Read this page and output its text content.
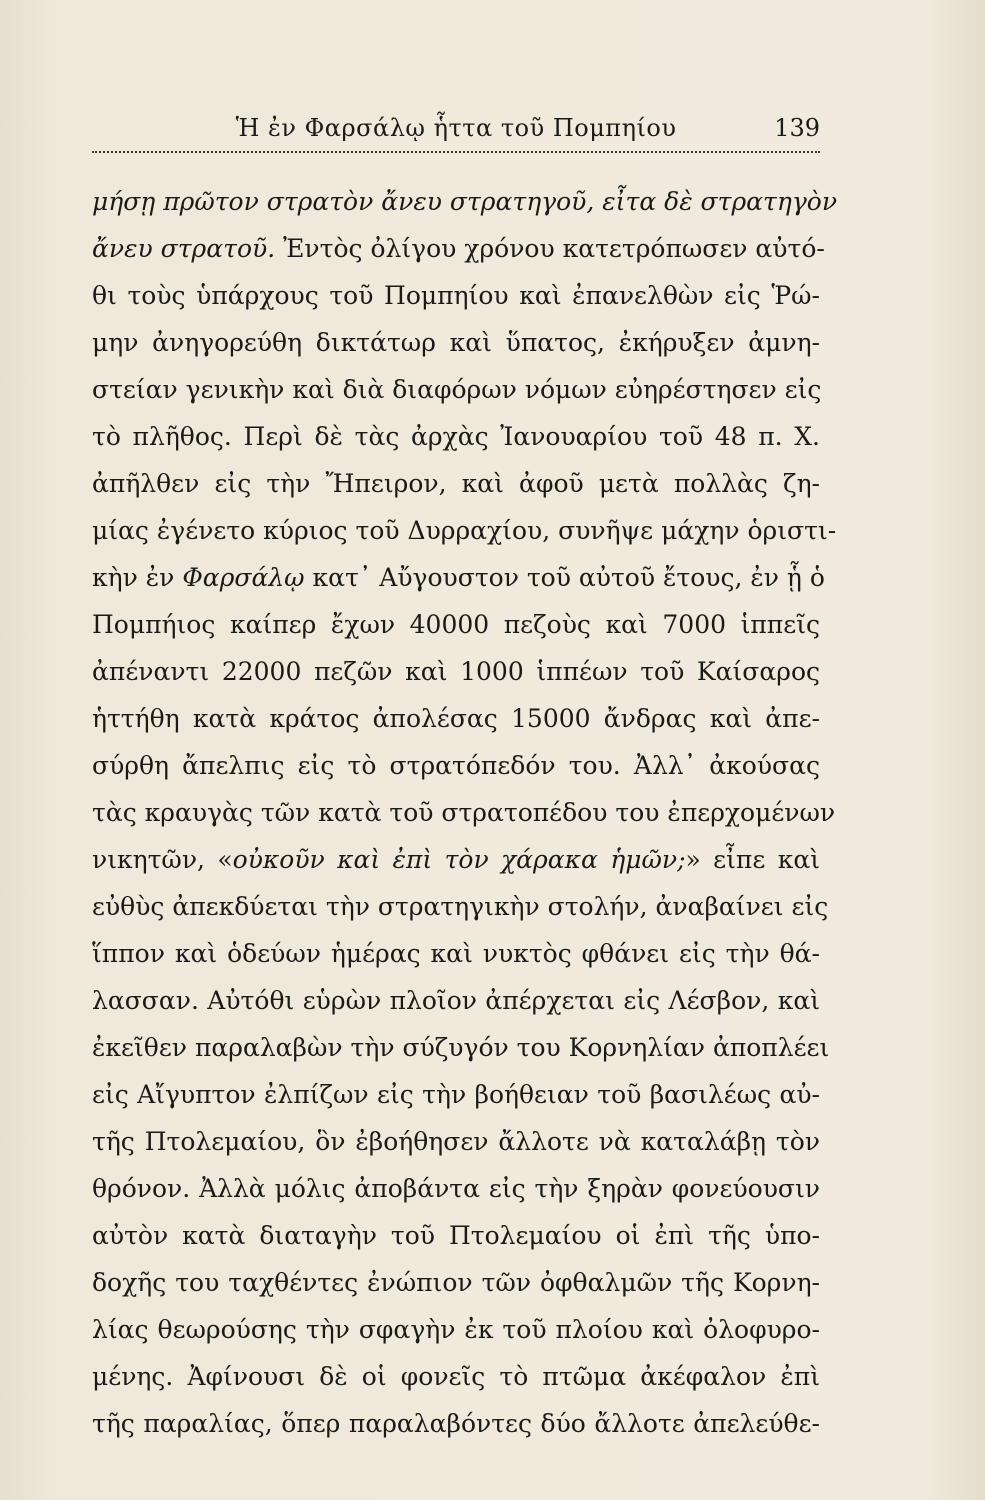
Ἡ ἐν Φαρσάλῳ ἧττα τοῦ Πομπηίου	139
μήσῃ πρῶτον στρατὸν ἄνευ στρατηγοῦ, εἶτα δὲ στρατηγὸν
ἄνευ στρατοῦ. Ἐντὸς ὀλίγου χρόνου κατετρόπωσεν αὐτό-
θι τοὺς ὑπάρχους τοῦ Πομπηίου καὶ ἐπανελθὼν εἰς Ῥώ-
μην ἀνηγορεύθη δικτάτωρ καὶ ὕπατος, ἐκήρυξεν ἀμνη-
στείαν γενικὴν καὶ διὰ διαφόρων νόμων εὐηρέστησεν εἰς
τὸ πλῆθος. Περὶ δὲ τὰς ἀρχὰς Ἰανουαρίου τοῦ 48 π. Χ.
ἀπῆλθεν εἰς τὴν Ἤπειρον, καὶ ἀφοῦ μετὰ πολλὰς ζη-
μίας ἐγένετο κύριος τοῦ Δυρραχίου, συνῆψε μάχην ὁριστι-
κὴν ἐν Φαρσάλῳ κατ᾽ Αὔγουστον τοῦ αὐτοῦ ἔτους, ἐν ᾗ ὁ
Πομπήιος καίπερ ἔχων 40000 πεζοὺς καὶ 7000 ἱππεῖς
ἀπέναντι 22000 πεζῶν καὶ 1000 ἱππέων τοῦ Καίσαρος
ἡττήθη κατὰ κράτος ἀπολέσας 15000 ἄνδρας καὶ ἀπε-
σύρθη ἄπελπις εἰς τὸ στρατόπεδόν του. Ἀλλ᾽ ἀκούσας
τὰς κραυγὰς τῶν κατὰ τοῦ στρατοπέδου του ἐπερχομένων
νικητῶν, «οὐκοῦν καὶ ἐπὶ τὸν χάρακα ἡμῶν;» εἶπε καὶ
εὐθὺς ἀπεκδύεται τὴν στρατηγικὴν στολήν, ἀναβαίνει εἰς
ἵππον καὶ ὁδεύων ἡμέρας καὶ νυκτὸς φθάνει εἰς τὴν θά-
λασσαν. Αὐτόθι εὑρὼν πλοῖον ἀπέρχεται εἰς Λέσβον, καὶ
ἐκεῖθεν παραλαβὼν τὴν σύζυγόν του Κορνηλίαν ἀποπλέει
εἰς Αἴγυπτον ἐλπίζων εἰς τὴν βοήθειαν τοῦ βασιλέως αὐ-
τῆς Πτολεμαίου, ὃν ἐβοήθησεν ἄλλοτε νὰ καταλάβῃ τὸν
θρόνον. Ἀλλὰ μόλις ἀποβάντα εἰς τὴν ξηρὰν φονεύουσιν
αὐτὸν κατὰ διαταγὴν τοῦ Πτολεμαίου οἱ ἐπὶ τῆς ὑπο-
δοχῆς του ταχθέντες ἐνώπιον τῶν ὀφθαλμῶν τῆς Κορνη-
λίας θεωρούσης τὴν σφαγὴν ἐκ τοῦ πλοίου καὶ ὀλοφυρο-
μένης. Ἀφίνουσι δὲ οἱ φονεῖς τὸ πτῶμα ἀκέφαλον ἐπὶ
τῆς παραλίας, ὅπερ παραλαβόντες δύο ἄλλοτε ἀπελεύθε-
